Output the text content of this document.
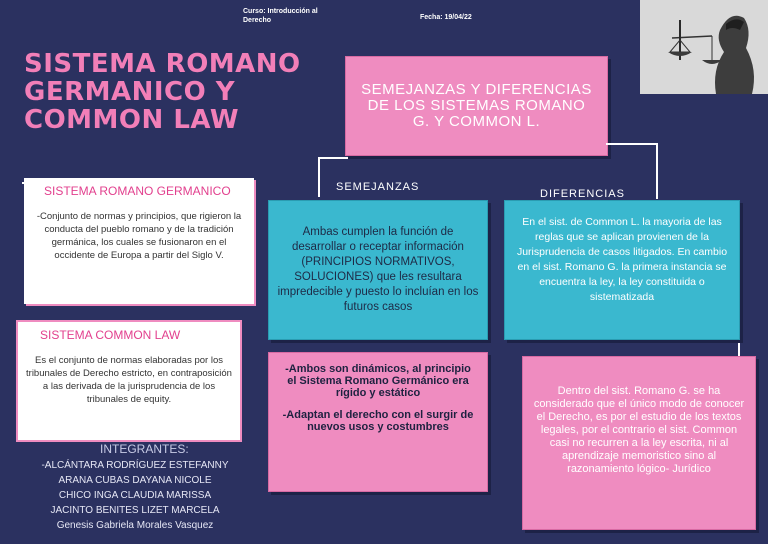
Curso: Introducción al Derecho	Fecha: 19/04/22
SISTEMA ROMANO GERMANICO Y COMMON LAW
SEMEJANZAS Y DIFERENCIAS DE LOS SISTEMAS ROMANO G. Y COMMON L.
SEMEJANZAS
DIFERENCIAS
SISTEMA ROMANO GERMANICO
-Conjunto de normas y principios, que rigieron la conducta del pueblo romano y de la tradición germánica, los cuales se fusionaron en el occidente de Europa a partir del Siglo V.
SISTEMA COMMON LAW
Es el conjunto de normas elaboradas por los tribunales de Derecho estricto, en contraposición a las derivada de la jurisprudencia de los tribunales de equity.
INTEGRANTES:
-ALCÁNTARA RODRÍGUEZ ESTEFANNY
ARANA CUBAS DAYANA NICOLE
CHICO INGA CLAUDIA MARISSA
JACINTO BENITES LIZET MARCELA
Genesis Gabriela Morales Vasquez
Ambas cumplen la función de desarrollar o receptar información (PRINCIPIOS NORMATIVOS, SOLUCIONES) que les resultara impredecible y puesto lo incluían en los futuros casos
-Ambos son dinámicos, al principio el Sistema Romano Germánico era rígido y estático
-Adaptan el derecho con el surgir de nuevos usos y costumbres
En el sist. de Common L. la mayoria de las reglas que se aplican provienen de la Jurisprudencia de casos litigados. En cambio en el sist. Romano G. la primera instancia se encuentra la ley, la ley constituida o sistematizada
Dentro del sist. Romano G. se ha considerado que el único modo de conocer el Derecho, es por el estudio de los textos legales, por el contrario el sist. Common casi no recurren a la ley escrita, ni al aprendizaje memoristico sino al razonamiento lógico- Jurídico
